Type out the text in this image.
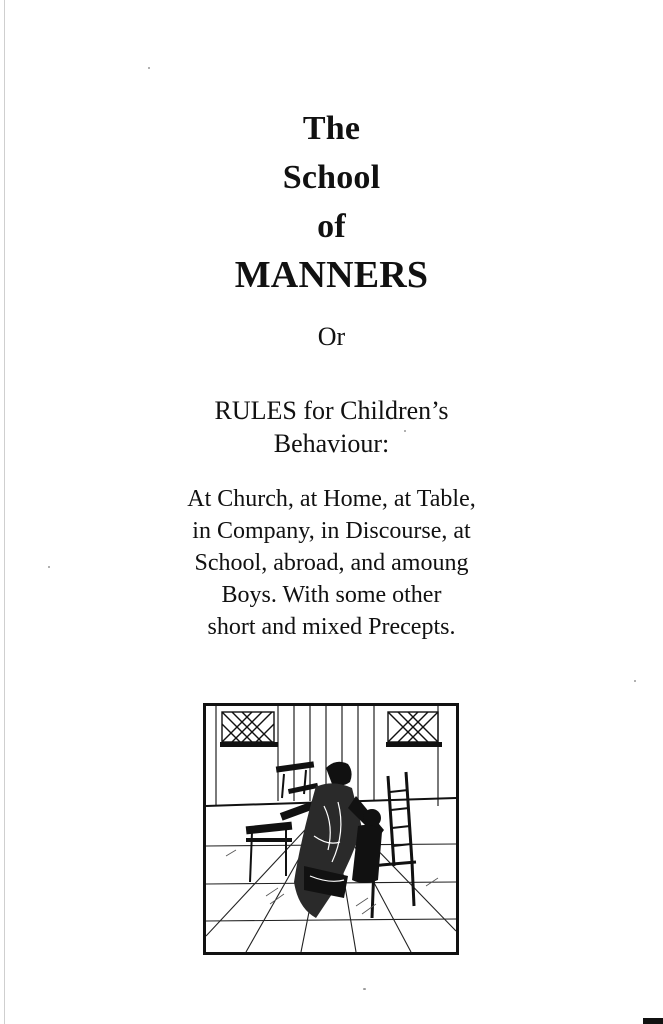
The
School
of
MANNERS
Or
RULES for Children’s
Behaviour:
At Church, at Home, at Table,
in Company, in Discourse, at
School, abroad, and amoung
Boys. With some other
short and mixed Precepts.
